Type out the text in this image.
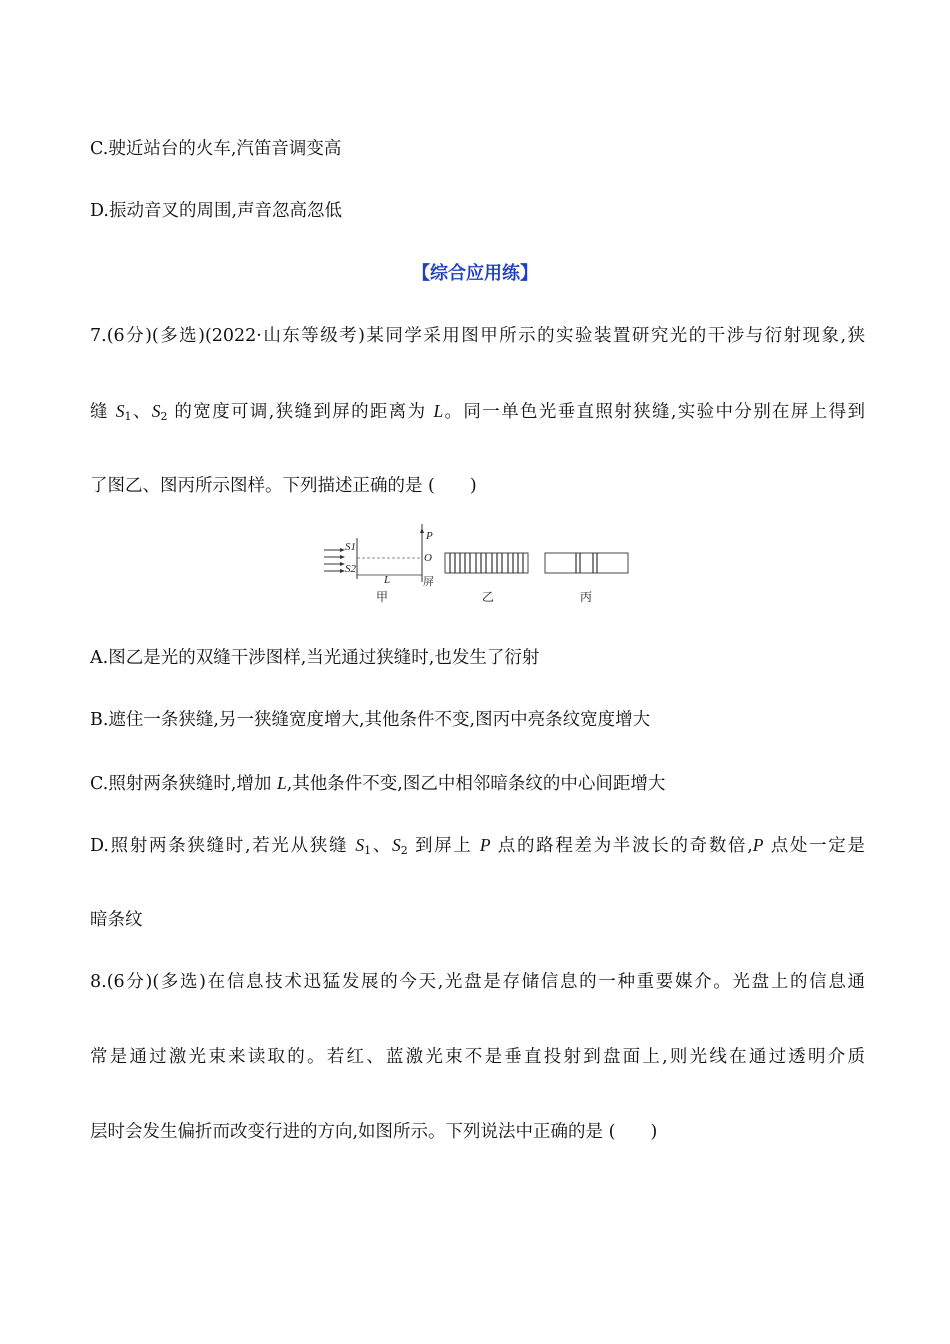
C.驶近站台的火车,汽笛音调变高
D.振动音叉的周围,声音忽高忽低
【综合应用练】
7.(6分)(多选)(2022·山东等级考)某同学采用图甲所示的实验装置研究光的干涉与衍射现象,狭
缝 $S_1$、$S_2$ 的宽度可调,狭缝到屏的距离为 L。同一单色光垂直照射狭缝,实验中分别在屏上得到
了图乙、图丙所示图样。下列描述正确的是 (　　)
S1
S2
P
O
L	屏
甲	乙	丙
A.图乙是光的双缝干涉图样,当光通过狭缝时,也发生了衍射
B.遮住一条狭缝,另一狭缝宽度增大,其他条件不变,图丙中亮条纹宽度增大
C.照射两条狭缝时,增加 L,其他条件不变,图乙中相邻暗条纹的中心间距增大
D.照射两条狭缝时,若光从狭缝 $S_1$、$S_2$ 到屏上 P 点的路程差为半波长的奇数倍,P 点处一定是
暗条纹
8.(6分)(多选)在信息技术迅猛发展的今天,光盘是存储信息的一种重要媒介。光盘上的信息通
常是通过激光束来读取的。若红、蓝激光束不是垂直投射到盘面上,则光线在通过透明介质
层时会发生偏折而改变行进的方向,如图所示。下列说法中正确的是 (　　)
